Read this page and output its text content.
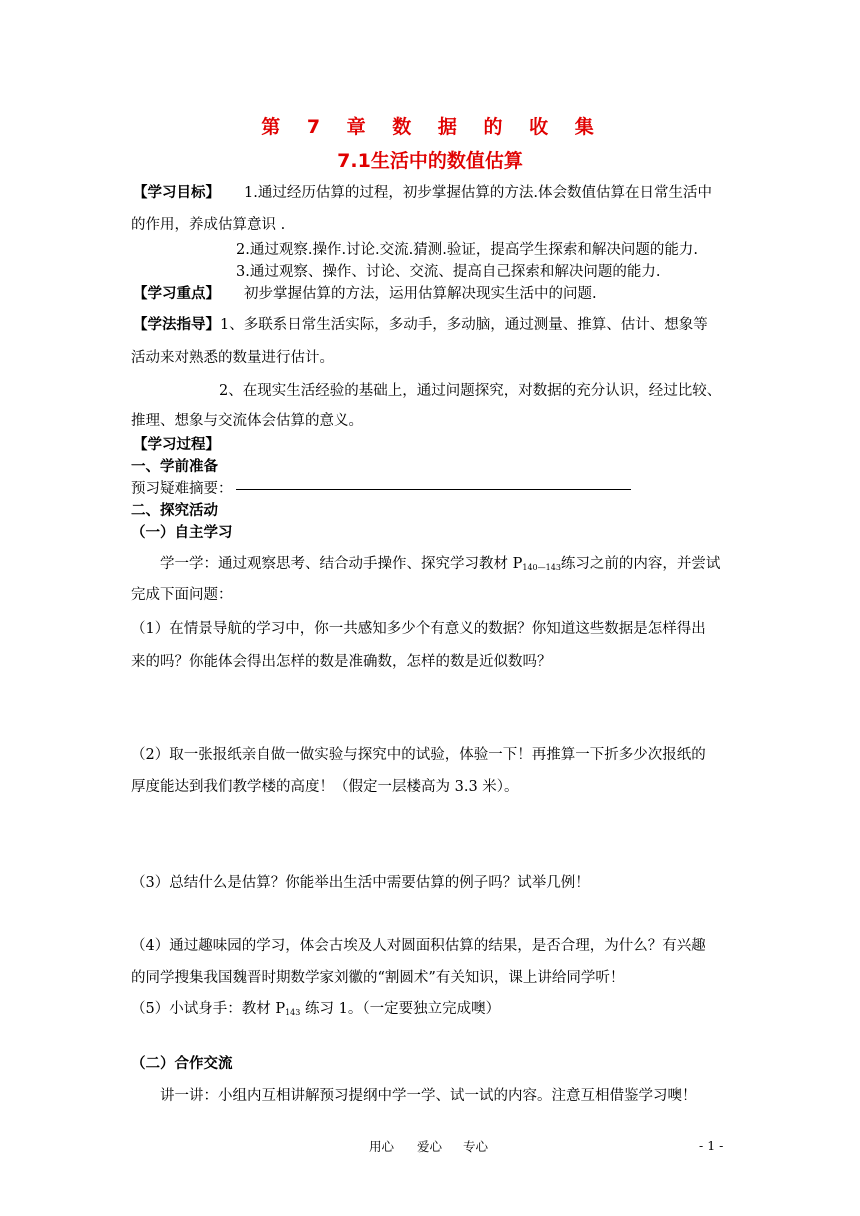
第 7 章 数 据 的 收 集
7.1生活中的数值估算
【学习目标】 1.通过经历估算的过程，初步掌握估算的方法.体会数值估算在日常生活中
的作用，养成估算意识 .
2.通过观察.操作.讨论.交流.猜测.验证，提高学生探索和解决问题的能力.
3.通过观察、操作、讨论、交流、提高自己探索和解决问题的能力.
【学习重点】 初步掌握估算的方法，运用估算解决现实生活中的问题.
【学法指导】1、多联系日常生活实际，多动手，多动脑，通过测量、推算、估计、想象等
活动来对熟悉的数量进行估计。
2、在现实生活经验的基础上，通过问题探究，对数据的充分认识，经过比较、
推理、想象与交流体会估算的意义。
【学习过程】
一、学前准备
预习疑难摘要：
二、探究活动
（一）自主学习
学一学：通过观察思考、结合动手操作、探究学习教材 $P_{140—143}$练习之前的内容，并尝试
完成下面问题：
（1）在情景导航的学习中，你一共感知多少个有意义的数据？你知道这些数据是怎样得出
来的吗？你能体会得出怎样的数是准确数，怎样的数是近似数吗？
（2）取一张报纸亲自做一做实验与探究中的试验，体验一下！再推算一下折多少次报纸的
厚度能达到我们教学楼的高度！（假定一层楼高为 3.3 米）。
（3）总结什么是估算？你能举出生活中需要估算的例子吗？试举几例！
（4）通过趣味园的学习，体会古埃及人对圆面积估算的结果，是否合理，为什么？有兴趣
的同学搜集我国魏晋时期数学家刘徽的“割圆术”有关知识，课上讲给同学听！
（5）小试身手：教材 $P_{143}$ 练习 1。（一定要独立完成噢）
（二）合作交流
讲一讲：小组内互相讲解预习提纲中学一学、试一试的内容。注意互相借鉴学习噢！
用心 爱心 专心	- 1 -
